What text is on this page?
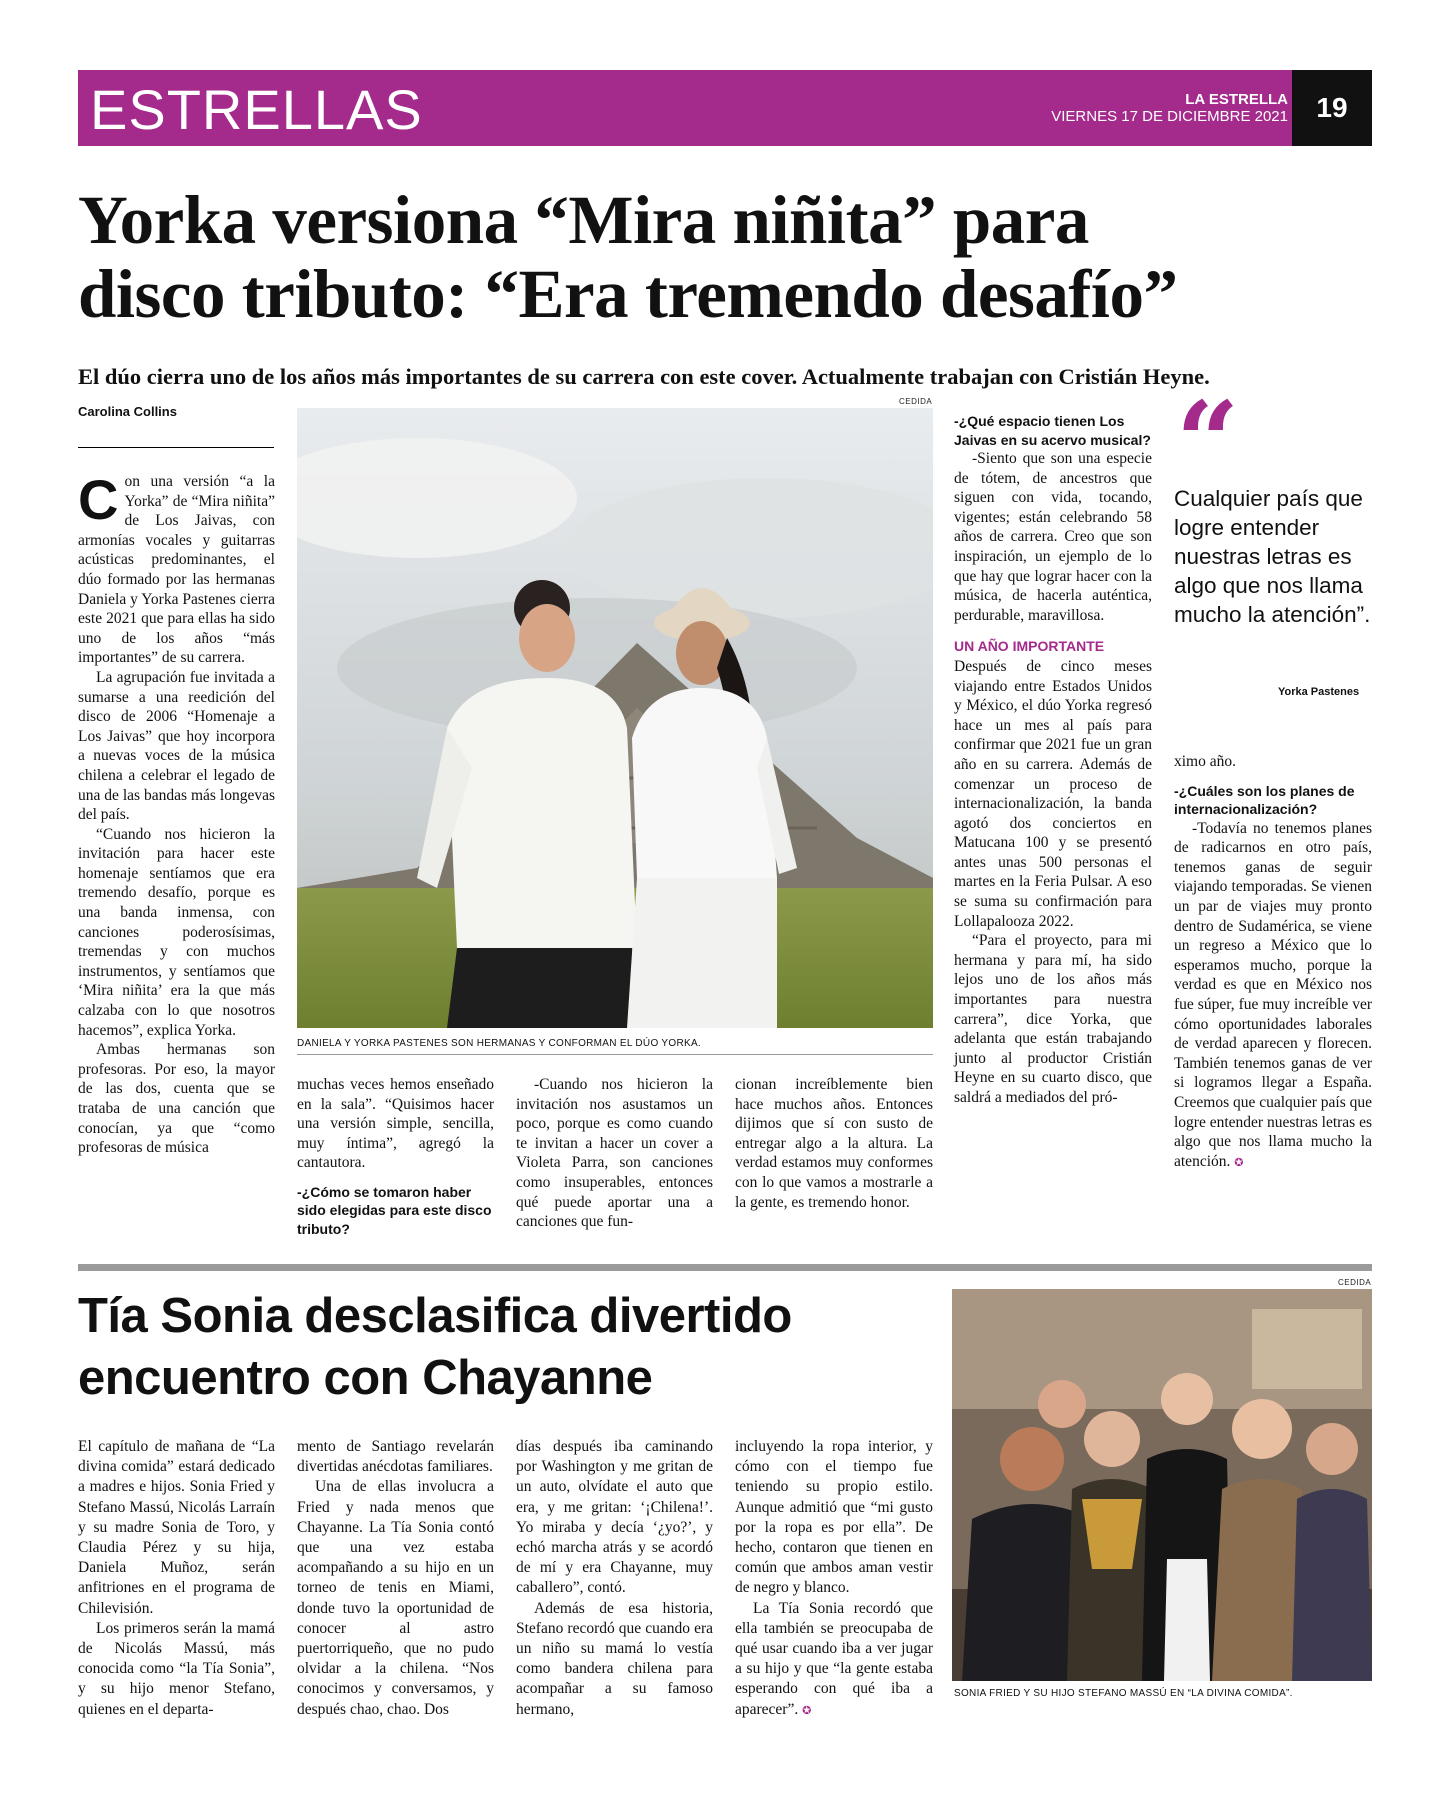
ESTRELLAS	LA ESTRELLA
VIERNES 17 DE DICIEMBRE 2021	19
Yorka versiona “Mira niñita” para
disco tributo: “Era tremendo desafío”
El dúo cierra uno de los años más importantes de su carrera con este cover. Actualmente trabajan con Cristián Heyne.
Carolina Collins

Con una versión “a la Yorka” de “Mira niñita” de Los Jaivas, con armonías vocales y guitarras acústicas predominantes, el dúo formado por las hermanas Daniela y Yorka Pastenes cierra este 2021 que para ellas ha sido uno de los años “más importantes” de su carrera.

La agrupación fue invitada a sumarse a una reedición del disco de 2006 “Homenaje a Los Jaivas” que hoy incorpora a nuevas voces de la música chilena a celebrar el legado de una de las bandas más longevas del país.

“Cuando nos hicieron la invitación para hacer este homenaje sentíamos que era tremendo desafío, porque es una banda inmensa, con canciones poderosísimas, tremendas y con muchos instrumentos, y sentíamos que ‘Mira niñita’ era la que más calzaba con lo que nosotros hacemos”, explica Yorka.

Ambas hermanas son profesoras. Por eso, la mayor de las dos, cuenta que se trataba de una canción que conocían, ya que “como profesoras de música

CEDIDA
DANIELA Y YORKA PASTENES SON HERMANAS Y CONFORMAN EL DÚO YORKA.

muchas veces hemos enseñado en la sala”. “Quisimos hacer una versión simple, sencilla, muy íntima”, agregó la cantautora.

-¿Cómo se tomaron haber sido elegidas para este disco tributo?

-Cuando nos hicieron la invitación nos asustamos un poco, porque es como cuando te invitan a hacer un cover a Violeta Parra, son canciones como insuperables, entonces qué puede aportar una a canciones que fun-

cionan increíblemente bien hace muchos años. Entonces dijimos que sí con susto de entregar algo a la altura. La verdad estamos muy conformes con lo que vamos a mostrarle a la gente, es tremendo honor.

-¿Qué espacio tienen Los Jaivas en su acervo musical?

-Siento que son una especie de tótem, de ancestros que siguen con vida, tocando, vigentes; están celebrando 58 años de carrera. Creo que son inspiración, un ejemplo de lo que hay que lograr hacer con la música, de hacerla auténtica, perdurable, maravillosa.

UN AÑO IMPORTANTE

Después de cinco meses viajando entre Estados Unidos y México, el dúo Yorka regresó hace un mes al país para confirmar que 2021 fue un gran año en su carrera. Además de comenzar un proceso de internacionalización, la banda agotó dos conciertos en Matucana 100 y se presentó antes unas 500 personas el martes en la Feria Pulsar. A eso se suma su confirmación para Lollapalooza 2022.

“Para el proyecto, para mi hermana y para mí, ha sido lejos uno de los años más importantes para nuestra carrera”, dice Yorka, que adelanta que están trabajando junto al productor Cristián Heyne en su cuarto disco, que saldrá a mediados del pró-

“
Cualquier país que logre entender nuestras letras es algo que nos llama mucho la atención”.
Yorka Pastenes

ximo año.

-¿Cuáles son los planes de internacionalización?

-Todavía no tenemos planes de radicarnos en otro país, tenemos ganas de seguir viajando temporadas. Se vienen un par de viajes muy pronto dentro de Sudamérica, se viene un regreso a México que lo esperamos mucho, porque la verdad es que en México nos fue súper, fue muy increíble ver cómo oportunidades laborales de verdad aparecen y florecen. También tenemos ganas de ver si logramos llegar a España. Creemos que cualquier país que logre entender nuestras letras es algo que nos llama mucho la atención. ✪

Tía Sonia desclasifica divertido
encuentro con Chayanne

El capítulo de mañana de “La divina comida” estará dedicado a madres e hijos. Sonia Fried y Stefano Massú, Nicolás Larraín y su madre Sonia de Toro, y Claudia Pérez y su hija, Daniela Muñoz, serán anfitriones en el programa de Chilevisión.

Los primeros serán la mamá de Nicolás Massú, más conocida como “la Tía Sonia”, y su hijo menor Stefano, quienes en el departa-

mento de Santiago revelarán divertidas anécdotas familiares.

Una de ellas involucra a Fried y nada menos que Chayanne. La Tía Sonia contó que una vez estaba acompañando a su hijo en un torneo de tenis en Miami, donde tuvo la oportunidad de conocer al astro puertorriqueño, que no pudo olvidar a la chilena. “Nos conocimos y conversamos, y después chao, chao. Dos

días después iba caminando por Washington y me gritan de un auto, olvídate el auto que era, y me gritan: ‘¡Chilena!’. Yo miraba y decía ‘¿yo?’, y echó marcha atrás y se acordó de mí y era Chayanne, muy caballero”, contó.

Además de esa historia, Stefano recordó que cuando era un niño su mamá lo vestía como bandera chilena para acompañar a su famoso hermano,

incluyendo la ropa interior, y cómo con el tiempo fue teniendo su propio estilo. Aunque admitió que “mi gusto por la ropa es por ella”. De hecho, contaron que tienen en común que ambos aman vestir de negro y blanco.

La Tía Sonia recordó que ella también se preocupaba de qué usar cuando iba a ver jugar a su hijo y que “la gente estaba esperando con qué iba a aparecer”. ✪

CEDIDA
SONIA FRIED Y SU HIJO STEFANO MASSÚ EN “LA DIVINA COMIDA”.
